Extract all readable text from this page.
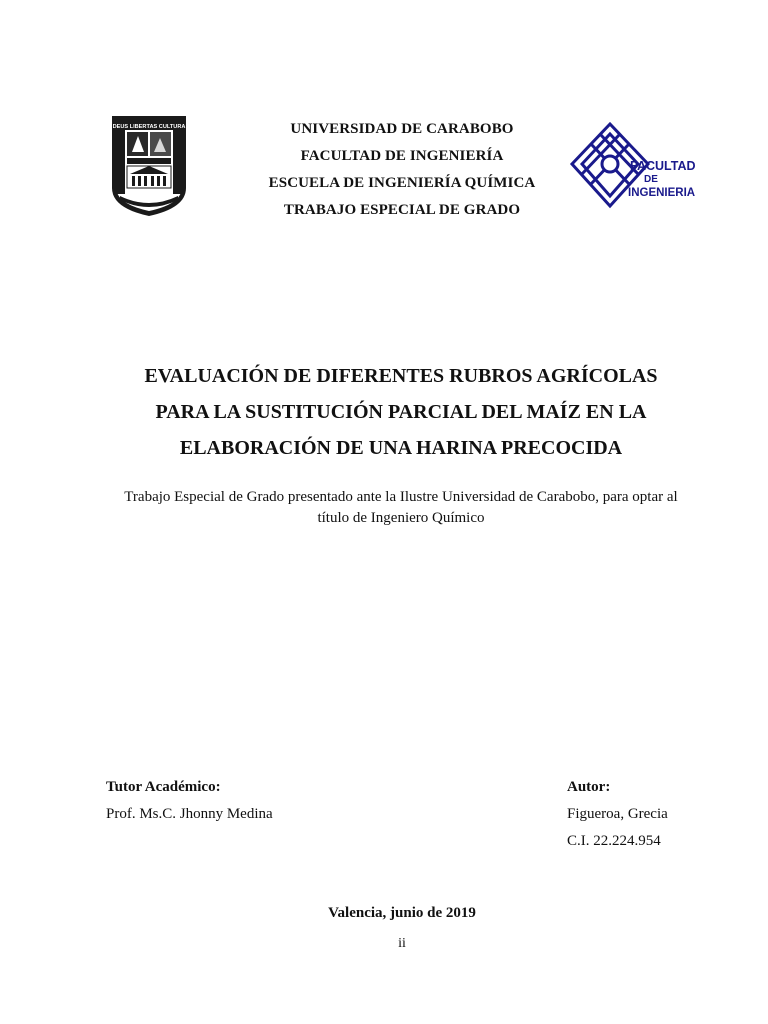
DEUS LIBERTAS CULTURA	UNIVERSIDAD DE CARABOBO
FACULTAD DE INGENIERÍA
ESCUELA DE INGENIERÍA QUÍMICA
TRABAJO ESPECIAL DE GRADO
FACULTAD
DE
INGENIERIA
EVALUACIÓN DE DIFERENTES RUBROS AGRÍCOLAS
PARA LA SUSTITUCIÓN PARCIAL DEL MAÍZ EN LA
ELABORACIÓN DE UNA HARINA PRECOCIDA
Trabajo Especial de Grado presentado ante la Ilustre Universidad de Carabobo, para optar al
título de Ingeniero Químico
Tutor Académico:
Prof. Ms.C. Jhonny Medina
Autor:
Figueroa, Grecia
C.I. 22.224.954
Valencia, junio de 2019
ii
